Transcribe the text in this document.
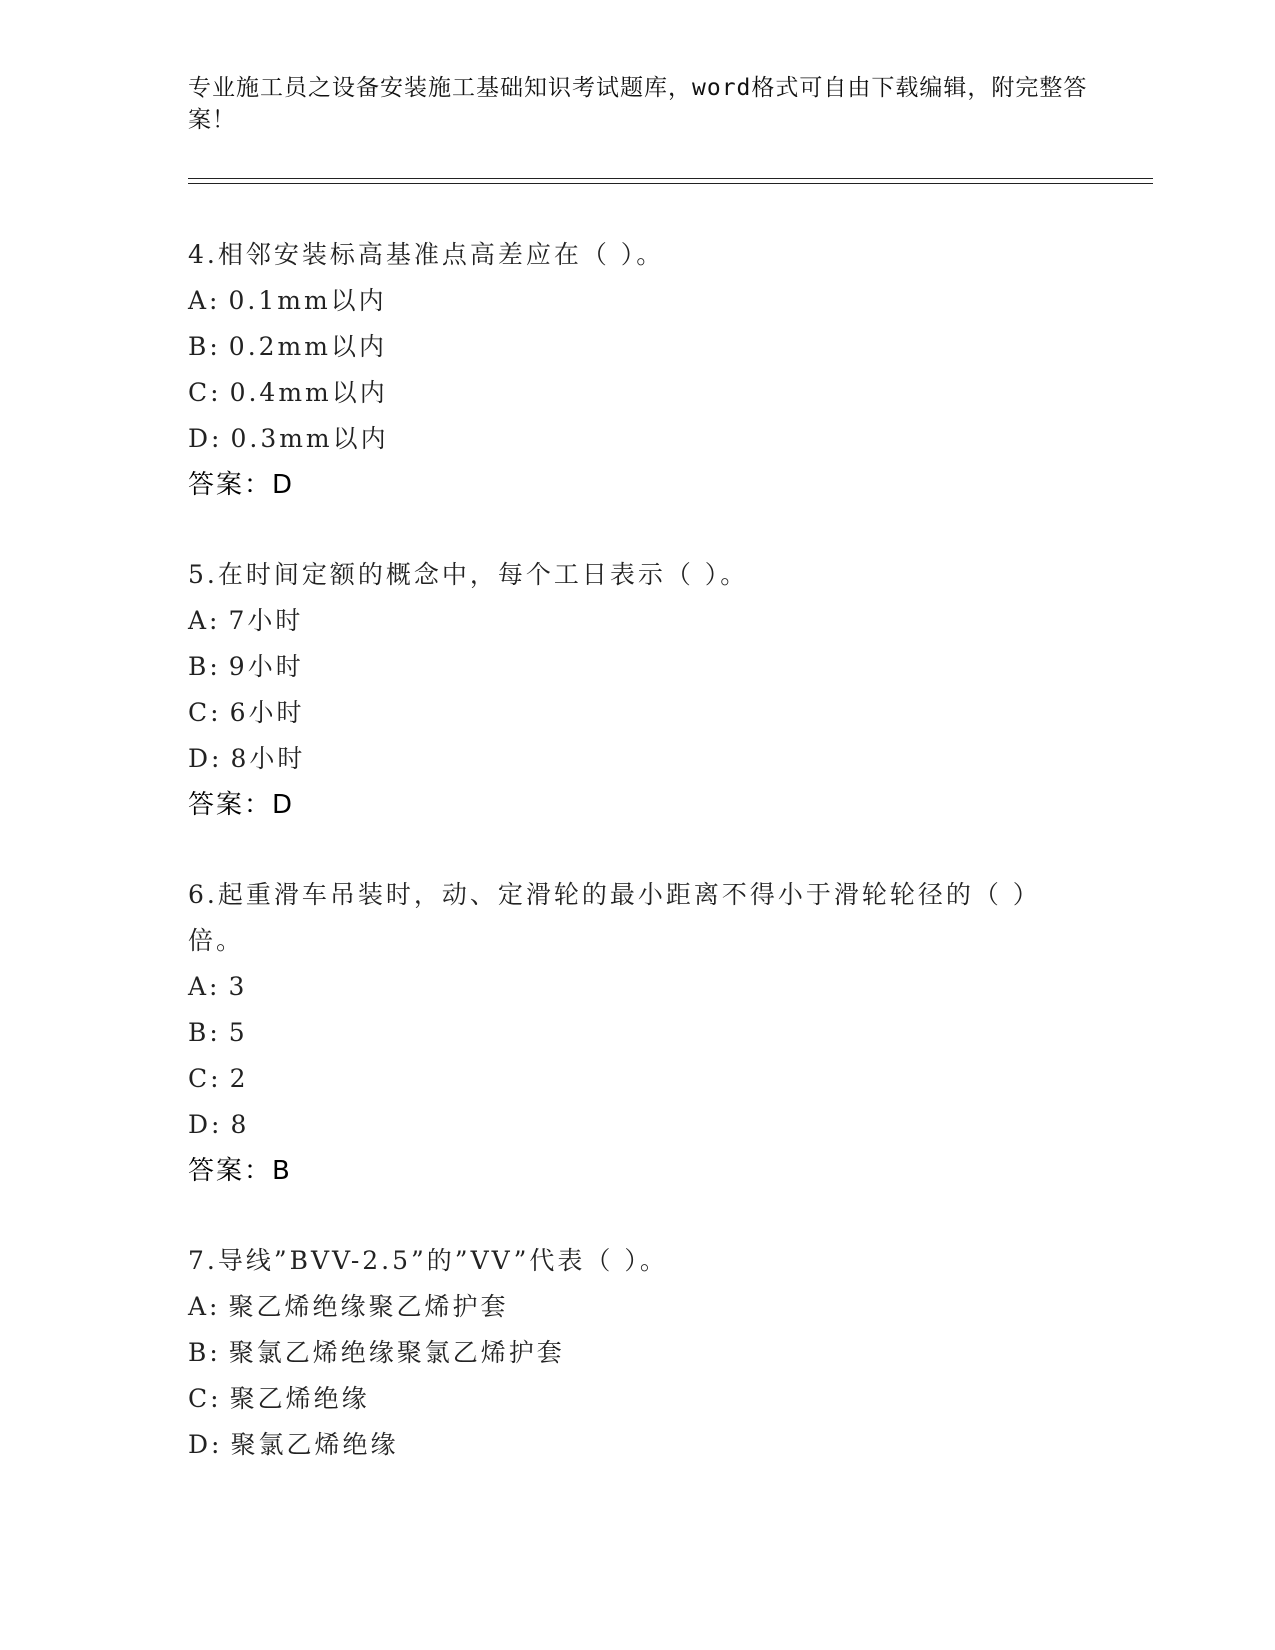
专业施工员之设备安装施工基础知识考试题库，word格式可自由下载编辑，附完整答案！
4.相邻安装标高基准点高差应在（ ）。
A: 0.1mm以内
B: 0.2mm以内
C: 0.4mm以内
D: 0.3mm以内
答案：D
5.在时间定额的概念中，每个工日表示（ ）。
A: 7小时
B: 9小时
C: 6小时
D: 8小时
答案：D
6.起重滑车吊装时，动、定滑轮的最小距离不得小于滑轮轮径的（ ）倍。
A: 3
B: 5
C: 2
D: 8
答案：B
7.导线”BVV-2.5”的”VV”代表（ ）。
A: 聚乙烯绝缘聚乙烯护套
B: 聚氯乙烯绝缘聚氯乙烯护套
C: 聚乙烯绝缘
D: 聚氯乙烯绝缘
